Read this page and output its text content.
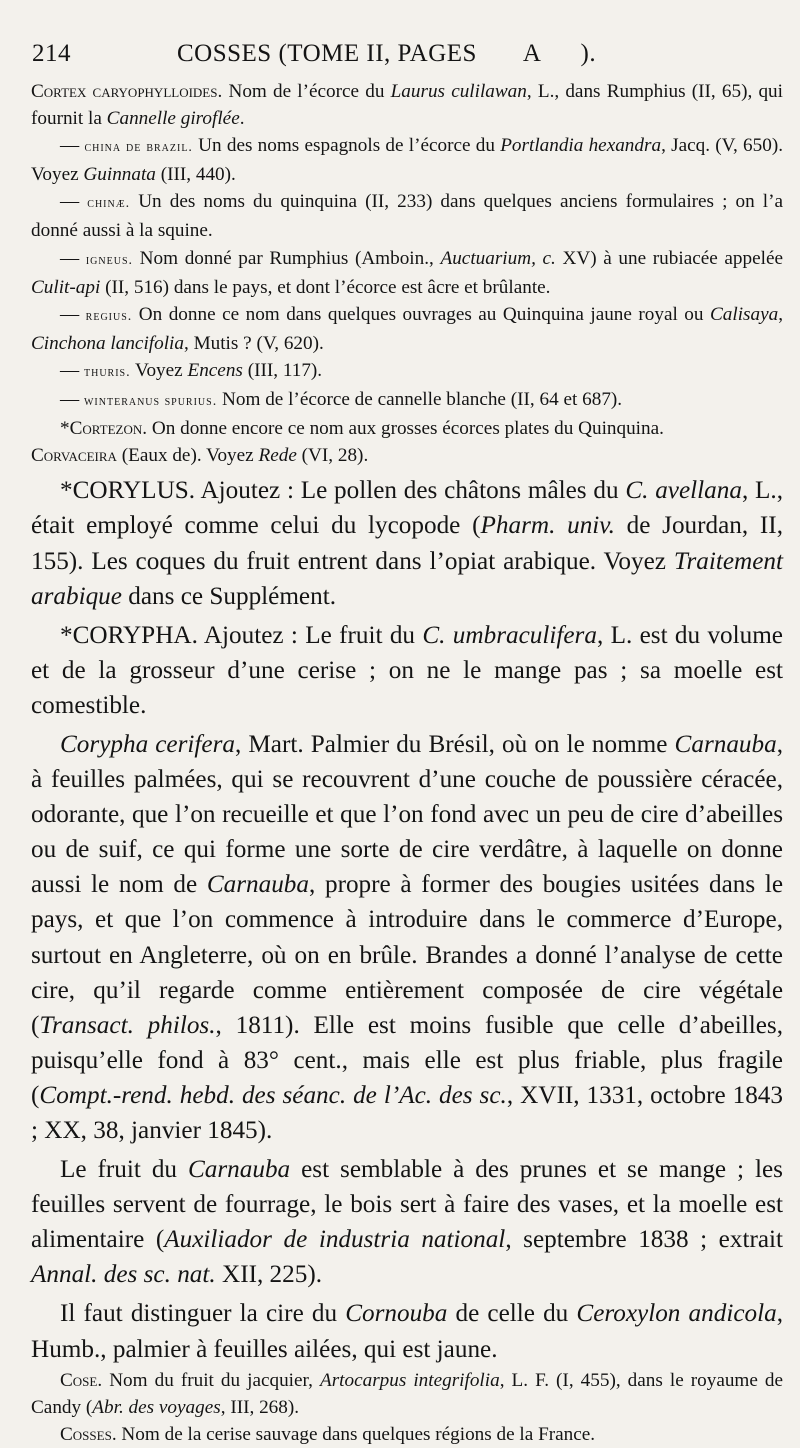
214	COSSES (TOME II, PAGES       A      ).

Cortex caryophylloides. Nom de l’écorce du Laurus culilawan, L., dans Rumphius (II, 65), qui fournit la Cannelle giroflée.

— china de brazil. Un des noms espagnols de l’écorce du Portlandia hexandra, Jacq. (V, 650). Voyez Guinnata (III, 440).

— chinæ. Un des noms du quinquina (II, 233) dans quelques anciens formulaires ; on l’a donné aussi à la squine.

— igneus. Nom donné par Rumphius (Amboin., Auctuarium, c. XV) à une rubiacée appelée Culit-api (II, 516) dans le pays, et dont l’écorce est âcre et brûlante.

— regius. On donne ce nom dans quelques ouvrages au Quinquina jaune royal ou Calisaya, Cinchona lancifolia, Mutis ? (V, 620).

— thuris. Voyez Encens (III, 117).

— winteranus spurius. Nom de l’écorce de cannelle blanche (II, 64 et 687).

*Cortezon. On donne encore ce nom aux grosses écorces plates du Quinquina.

Corvaceira (Eaux de). Voyez Rede (VI, 28).

*CORYLUS. Ajoutez : Le pollen des châtons mâles du C. avellana, L., était employé comme celui du lycopode (Pharm. univ. de Jourdan, II, 155). Les coques du fruit entrent dans l’opiat arabique. Voyez Traitement arabique dans ce Supplément.

*CORYPHA. Ajoutez : Le fruit du C. umbraculifera, L. est du volume et de la grosseur d’une cerise ; on ne le mange pas ; sa moelle est comestible.

Corypha cerifera, Mart. Palmier du Brésil, où on le nomme Carnauba, à feuilles palmées, qui se recouvrent d’une couche de poussière céracée, odorante, que l’on recueille et que l’on fond avec un peu de cire d’abeilles ou de suif, ce qui forme une sorte de cire verdâtre, à laquelle on donne aussi le nom de Carnauba, propre à former des bougies usitées dans le pays, et que l’on commence à introduire dans le commerce d’Europe, surtout en Angleterre, où on en brûle. Brandes a donné l’analyse de cette cire, qu’il regarde comme entièrement composée de cire végétale (Transact. philos., 1811). Elle est moins fusible que celle d’abeilles, puisqu’elle fond à 83° cent., mais elle est plus friable, plus fragile (Compt.-rend. hebd. des séanc. de l’Ac. des sc., XVII, 1331, octobre 1843 ; XX, 38, janvier 1845).

Le fruit du Carnauba est semblable à des prunes et se mange ; les feuilles servent de fourrage, le bois sert à faire des vases, et la moelle est alimentaire (Auxiliador de industria national, septembre 1838 ; extrait Annal. des sc. nat. XII, 225).

Il faut distinguer la cire du Cornouba de celle du Ceroxylon andicola, Humb., palmier à feuilles ailées, qui est jaune.

Cose. Nom du fruit du jacquier, Artocarpus integrifolia, L. F. (I, 455), dans le royaume de Candy (Abr. des voyages, III, 268).

Cosses. Nom de la cerise sauvage dans quelques régions de la France.
